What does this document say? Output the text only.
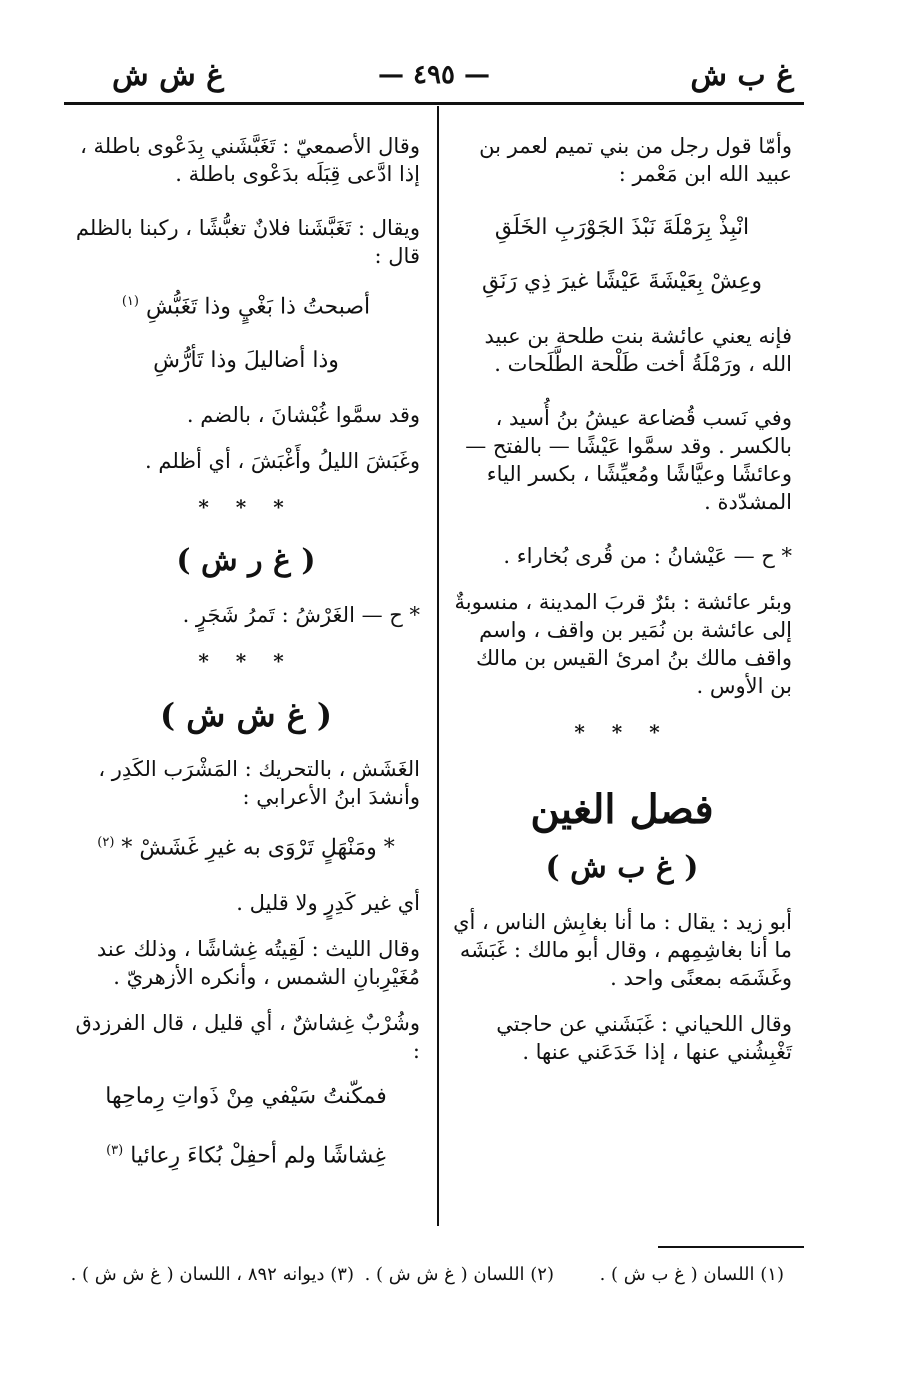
غ ب ش
— ٤٩٥ —
غ ش ش

وأمّا قول رجل من بني تميم لعمر بن عبيد الله ابن مَعْمر :

انْبِذْ بِرَمْلَةَ نَبْذَ الجَوْرَبِ الخَلَقِ
وعِشْ بِعَيْشَةَ عَيْشًا غيرَ ذِي رَنَقِ

فإنه يعني عائشة بنت طلحة بن عبيد الله ، ورَمْلَةُ أخت طَلْحة الطَّلَحات .

وفي نَسب قُضاعة عيشُ بنُ أُسيد ، بالكسر . وقد سمَّوا عَيْشًا — بالفتح — وعائشًا وعيَّاشًا ومُعيِّشًا ، بكسر الياء المشدّدة .

* ح — عَيْشانُ : من قُرى بُخاراء .

وبئر عائشة : بئرٌ قربَ المدينة ، منسوبةٌ إلى عائشة بن نُمَير بن واقف ، واسم واقف مالك بنُ امرئ القيس بن مالك بن الأوس .

* * *
فصل الغين
( غ ب ش )

أبو زيد : يقال : ما أنا بغابِش الناس ، أي ما أنا بغاشِمِهم ، وقال أبو مالك : غَبَشَه وغَشَمَه بمعنًى واحد .

وقال اللحياني : غَبَشَني عن حاجتي تَغْبِشُني عنها ، إذا خَدَعَني عنها .

وقال الأصمعيّ : تَغَبَّشَني بِدَعْوى باطلة ، إذا ادَّعى قِبَلَه بدَعْوى باطلة .

ويقال : تَغَبَّشَنا فلانٌ تغبُّشًا ، ركبنا بالظلم قال :

أصبحتُ ذا بَغْيٍ وذا تَغَبُّشِ $^{(١)}$
وذا أضاليلَ وذا تَأرُّشِ

وقد سمَّوا غُبْشانَ ، بالضم .

وغَبَشَ الليلُ وأَغْبَشَ ، أي أظلم .

* * *
( غ ر ش )

* ح — الغَرْشُ : تَمرُ شَجَرٍ .

* * *
( غ ش ش )

الغَشَش ، بالتحريك : المَشْرَب الكَدِر ، وأنشدَ ابنُ الأعرابي :

* ومَنْهَلٍ تَرْوَى به غيرِ غَشَشْ * $^{(٢)}$

أي غير كَدِرٍ ولا قليل .

وقال الليث : لَقِيتُه غِشاشًا ، وذلك عند مُغَيْرِبانِ الشمس ، وأنكره الأزهريّ .

وشُرْبٌ غِشاشٌ ، أي قليل ، قال الفرزدق :

فمكّنتُ سَيْفي مِنْ ذَواتِ رِماحِها
غِشاشًا ولم أحفِلْ بُكاءَ رِعائيا $^{(٣)}$
(١) اللسان ( غ ب ش ) .
(٢) اللسان ( غ ش ش ) .
(٣) ديوانه ٨٩٢ ، اللسان ( غ ش ش ) .
